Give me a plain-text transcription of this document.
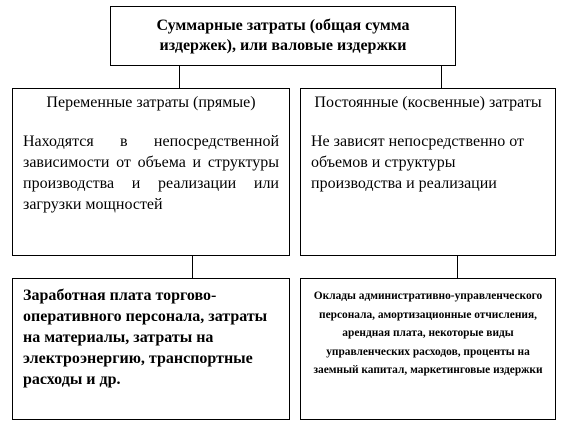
Суммарные затраты (общая сумма издержек), или валовые издержки
Переменные затраты (прямые)
Находятся в непосредственной зависимости от объема и структуры производства и реализации или загрузки мощностей
Постоянные (косвенные) затраты
Не зависят непосредственно от объемов и структуры производства и реализации
Заработная плата торгово-оперативного персонала, затраты на материалы, затраты на электроэнергию, транспортные расходы и др.
Оклады административно-управленческого персонала, амортизационные отчисления, арендная плата, некоторые виды управленческих расходов, проценты на заемный капитал, маркетинговые издержки
